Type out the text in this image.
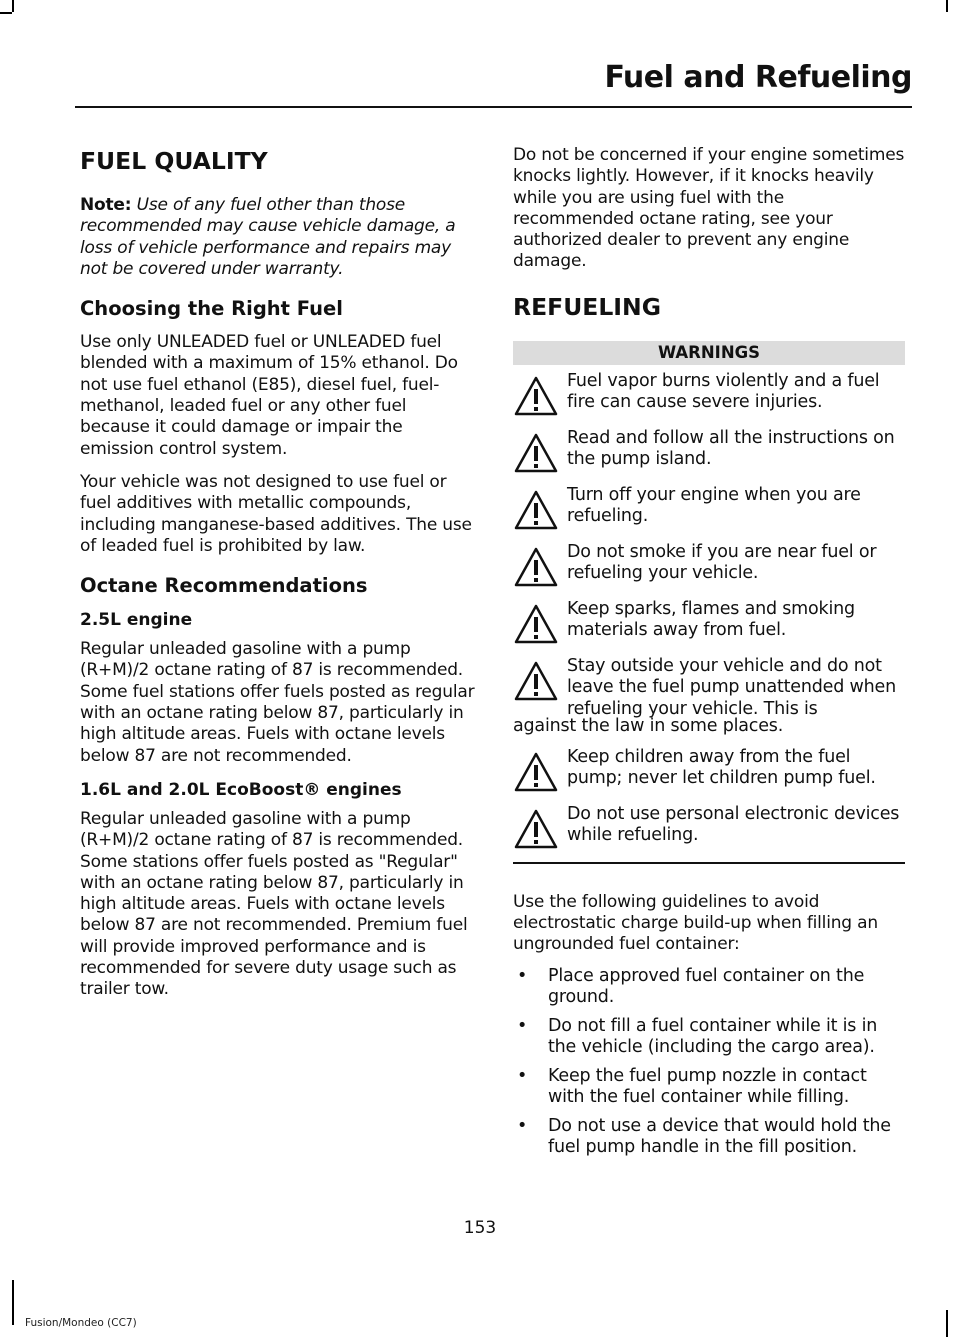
Fuel and Refueling
FUEL QUALITY

Note: Use of any fuel other than those recommended may cause vehicle damage, a loss of vehicle performance and repairs may not be covered under warranty.

Choosing the Right Fuel

Use only UNLEADED fuel or UNLEADED fuel blended with a maximum of 15% ethanol. Do not use fuel ethanol (E85), diesel fuel, fuel-methanol, leaded fuel or any other fuel because it could damage or impair the emission control system.

Your vehicle was not designed to use fuel or fuel additives with metallic compounds, including manganese-based additives. The use of leaded fuel is prohibited by law.

Octane Recommendations
2.5L engine

Regular unleaded gasoline with a pump (R+M)/2 octane rating of 87 is recommended. Some fuel stations offer fuels posted as regular with an octane rating below 87, particularly in high altitude areas. Fuels with octane levels below 87 are not recommended.

1.6L and 2.0L EcoBoost® engines

Regular unleaded gasoline with a pump (R+M)/2 octane rating of 87 is recommended. Some stations offer fuels posted as "Regular" with an octane rating below 87, particularly in high altitude areas. Fuels with octane levels below 87 are not recommended. Premium fuel will provide improved performance and is recommended for severe duty usage such as trailer tow.

Do not be concerned if your engine sometimes knocks lightly. However, if it knocks heavily while you are using fuel with the recommended octane rating, see your authorized dealer to prevent any engine damage.

REFUELING
WARNINGS
Fuel vapor burns violently and a fuel fire can cause severe injuries.
Read and follow all the instructions on the pump island.
Turn off your engine when you are refueling.
Do not smoke if you are near fuel or refueling your vehicle.
Keep sparks, flames and smoking materials away from fuel.
Stay outside your vehicle and do not leave the fuel pump unattended when refueling your vehicle. This is
against the law in some places.
Keep children away from the fuel pump; never let children pump fuel.
Do not use personal electronic devices while refueling.

Use the following guidelines to avoid electrostatic charge build-up when filling an ungrounded fuel container:

• Place approved fuel container on the ground.
• Do not fill a fuel container while it is in the vehicle (including the cargo area).
• Keep the fuel pump nozzle in contact with the fuel container while filling.
• Do not use a device that would hold the fuel pump handle in the fill position.
153
Fusion/Mondeo (CC7)
